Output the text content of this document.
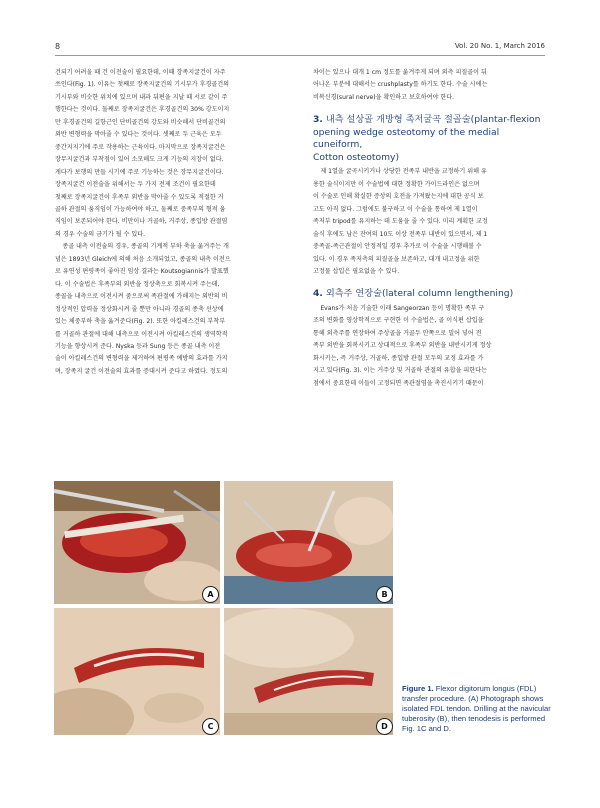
8	Vol. 20 No. 1, March 2016

건되기 어려울 때 건 이전술이 필요한데, 이때 장족지굴건이 자주

쓰인다(Fig. 1). 이유는 첫째로 장족지굴건의 기시부가 후경골건의

기시부와 비슷한 위치에 있으며 내과 뒤편을 지날 때 서로 같이 주

행한다는 것이다. 둘째로 장족지굴건은 후경골건의 30% 강도이지

만 후경골건의 길항근인 단비골건의 강도와 비슷해서 단비골건의

외반 변형력을 막아줄 수 있다는 것이다. 셋째로 두 근육은 모두

중간지지기에 주로 작용하는 근육이다. 마지막으로 장족지굴건은

장무지굴건과 부착점이 있어 소모해도 크게 기능의 지장이 없다.

게다가 보행의 만들 시기에 주로 기능하는 것은 장무지굴건이다.

장족지굴건 이전술을 위해서는 두 가지 전제 조건이 필요한데

첫째로 장족지굴건이 후족부 외반을 막아줄 수 있도록 적절한 거

골하 관절의 움직임이 가능하여야 하고, 둘째로 중족부의 형적 움

직임이 보존되어야 한다. 비만이나 거골하, 거주상, 종입방 관절염

의 경우 수술의 금기가 될 수 있다.

종골 내측 이전술의 경우, 종골의 기계적 부하 축을 옮겨주는 개

념은 1893년 Gleich에 의해 처음 소개되었고, 종골의 내측 이전으

로 유연성 편평족이 좋아진 임상 결과는 Koutsogiannis가 발표했

다. 이 수술법은 후족부의 외반을 정상축으로 회복시켜 주는데,

종골을 내측으로 이전시켜 줌으로써 족관절에 가해지는 외반의 비

정상적인 압력을 정상화시켜 줄 뿐만 아니라 경골의 종축 선상에

있는 체중부하 축을 옮겨준다(Fig. 2). 또한 아킬레스건의 부착부

를 거골하 관절에 대해 내측으로 이전시켜 아킬레스건의 생역학적

기능을 향상시켜 준다. Nyska 등과 Sung 등은 종골 내측 이전

술이 아킬레스건의 변형력을 제거하여 편평족 예방의 효과를 가지

며, 장족지 굴건 이전술의 효과를 증대시켜 준다고 하였다. 정도의

차이는 있으나 대개 1 cm 정도를 옮겨주게 되며 외측 피질골이 뒤

어나온 부분에 대해서는 crushplasty를 하기도 한다. 수술 시에는

비복신경(sural nerve)을 확인하고 보호하여야 한다.

3. 내측 설상골 개방형 족저굴곡 절골술(plantar-flexion
opening wedge osteotomy of the medial cuneiform,
Cotton osteotomy)

제 1열을 굴곡시키거나 상당한 전족부 내반을 교정하기 위해 유

용한 술식이지만 이 수술법에 대한 정확한 가이드라인은 없으며

이 수술로 인해 확실한 증상의 호전을 가져왔는지에 대한 공식 보

고도 아직 없다. 그럼에도 불구하고 이 수술을 통하여 제 1열이

족저부 tripod를 유지하는 데 도움을 줄 수 있다. 미리 계획한 교정

술식 후에도 남은 잔여의 10도 이상 전족부 내반이 있으면서, 제 1

중족골-족근관절이 안정적일 경우 추가로 이 수술을 시행해볼 수

있다. 이 경우 족저측의 피질골을 보존하고, 대개 내고정을 위한

고정물 삽입은 필요없을 수 있다.

4. 외측주 연장술(lateral column lengthening)

Evans가 처음 기술한 이래 Sangeorzan 등이 명확한 족부 구

조의 변화를 영상학적으로 구현한 이 수술법은, 골 이식편 삽입을

통해 외측주를 연장하여 주상골을 거골두 안쪽으로 밀어 넣어 전

족부 외반을 회복시키고 상대적으로 후족부 외반을 내반시키게 정상

화시키는, 즉 거주상, 거골하, 종입방 관절 모두의 교정 효과를 가

지고 있다(Fig. 3). 이는 거주상 및 거골하 관절의 유합을 피한다는

점에서 중요한데 이들이 고정되면 족관절염을 촉진시키기 때문이

A	B
C	D
Figure 1. Flexor digitorum longus (FDL) transfer procedure. (A) Photograph shows isolated FDL tendon. Drilling at the navicular tuberosity (B), then tenodesis is performed Fig. 1C and D.
